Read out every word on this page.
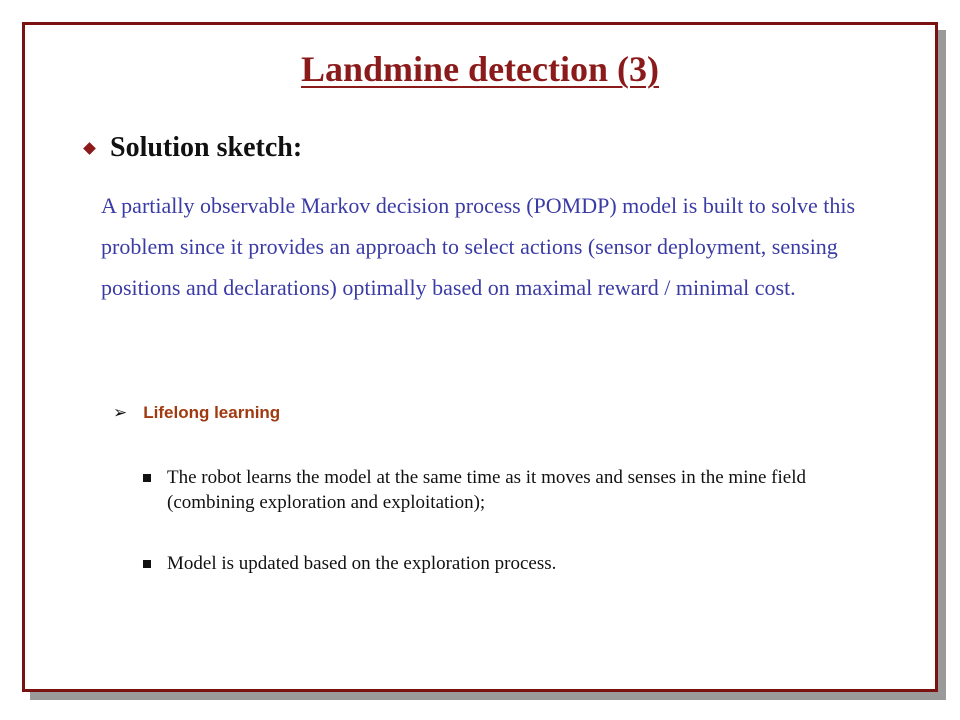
Landmine detection (3)
Solution sketch:
A partially observable Markov decision process (POMDP) model is built to solve this problem since it provides an approach to select actions (sensor deployment, sensing positions and declarations) optimally based on maximal reward / minimal cost.
➢ Lifelong learning
The robot learns the model at the same time as it moves and senses in the mine field (combining exploration and exploitation);
Model is updated based on the exploration process.
